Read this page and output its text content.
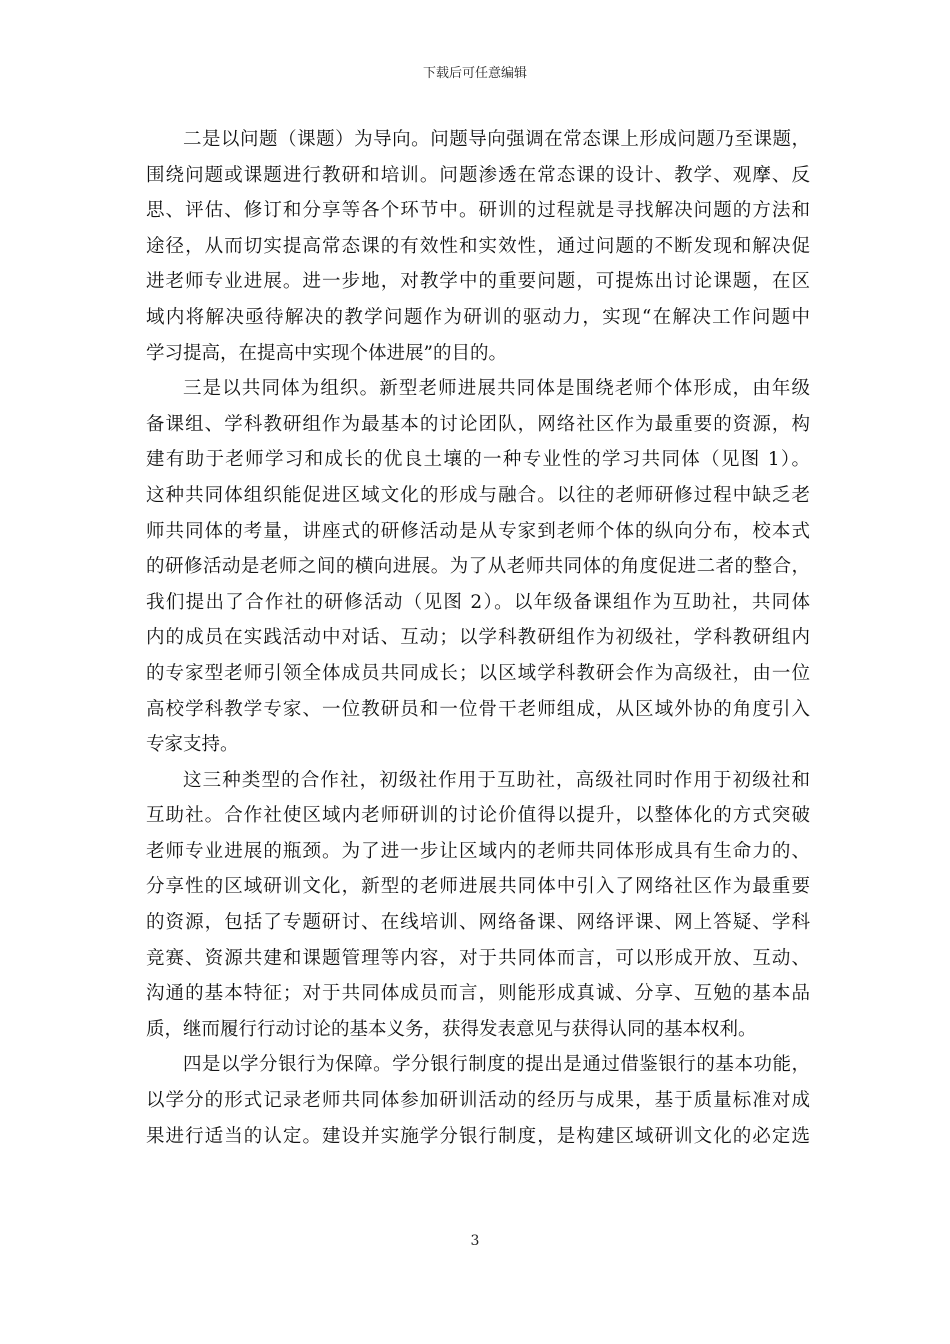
下载后可任意编辑
二是以问题（课题）为导向。问题导向强调在常态课上形成问题乃至课题，
围绕问题或课题进行教研和培训。问题渗透在常态课的设计、教学、观摩、反
思、评估、修订和分享等各个环节中。研训的过程就是寻找解决问题的方法和
途径，从而切实提高常态课的有效性和实效性，通过问题的不断发现和解决促
进老师专业进展。进一步地，对教学中的重要问题，可提炼出讨论课题，在区
域内将解决亟待解决的教学问题作为研训的驱动力，实现“在解决工作问题中
学习提高，在提高中实现个体进展”的目的。
三是以共同体为组织。新型老师进展共同体是围绕老师个体形成，由年级
备课组、学科教研组作为最基本的讨论团队，网络社区作为最重要的资源，构
建有助于老师学习和成长的优良土壤的一种专业性的学习共同体（见图 1）。
这种共同体组织能促进区域文化的形成与融合。以往的老师研修过程中缺乏老
师共同体的考量，讲座式的研修活动是从专家到老师个体的纵向分布，校本式
的研修活动是老师之间的横向进展。为了从老师共同体的角度促进二者的整合，
我们提出了合作社的研修活动（见图 2）。以年级备课组作为互助社，共同体
内的成员在实践活动中对话、互动；以学科教研组作为初级社，学科教研组内
的专家型老师引领全体成员共同成长；以区域学科教研会作为高级社，由一位
高校学科教学专家、一位教研员和一位骨干老师组成，从区域外协的角度引入
专家支持。
这三种类型的合作社，初级社作用于互助社，高级社同时作用于初级社和
互助社。合作社使区域内老师研训的讨论价值得以提升，以整体化的方式突破
老师专业进展的瓶颈。为了进一步让区域内的老师共同体形成具有生命力的、
分享性的区域研训文化，新型的老师进展共同体中引入了网络社区作为最重要
的资源，包括了专题研讨、在线培训、网络备课、网络评课、网上答疑、学科
竞赛、资源共建和课题管理等内容，对于共同体而言，可以形成开放、互动、
沟通的基本特征；对于共同体成员而言，则能形成真诚、分享、互勉的基本品
质，继而履行行动讨论的基本义务，获得发表意见与获得认同的基本权利。
四是以学分银行为保障。学分银行制度的提出是通过借鉴银行的基本功能，
以学分的形式记录老师共同体参加研训活动的经历与成果，基于质量标准对成
果进行适当的认定。建设并实施学分银行制度，是构建区域研训文化的必定选
3
